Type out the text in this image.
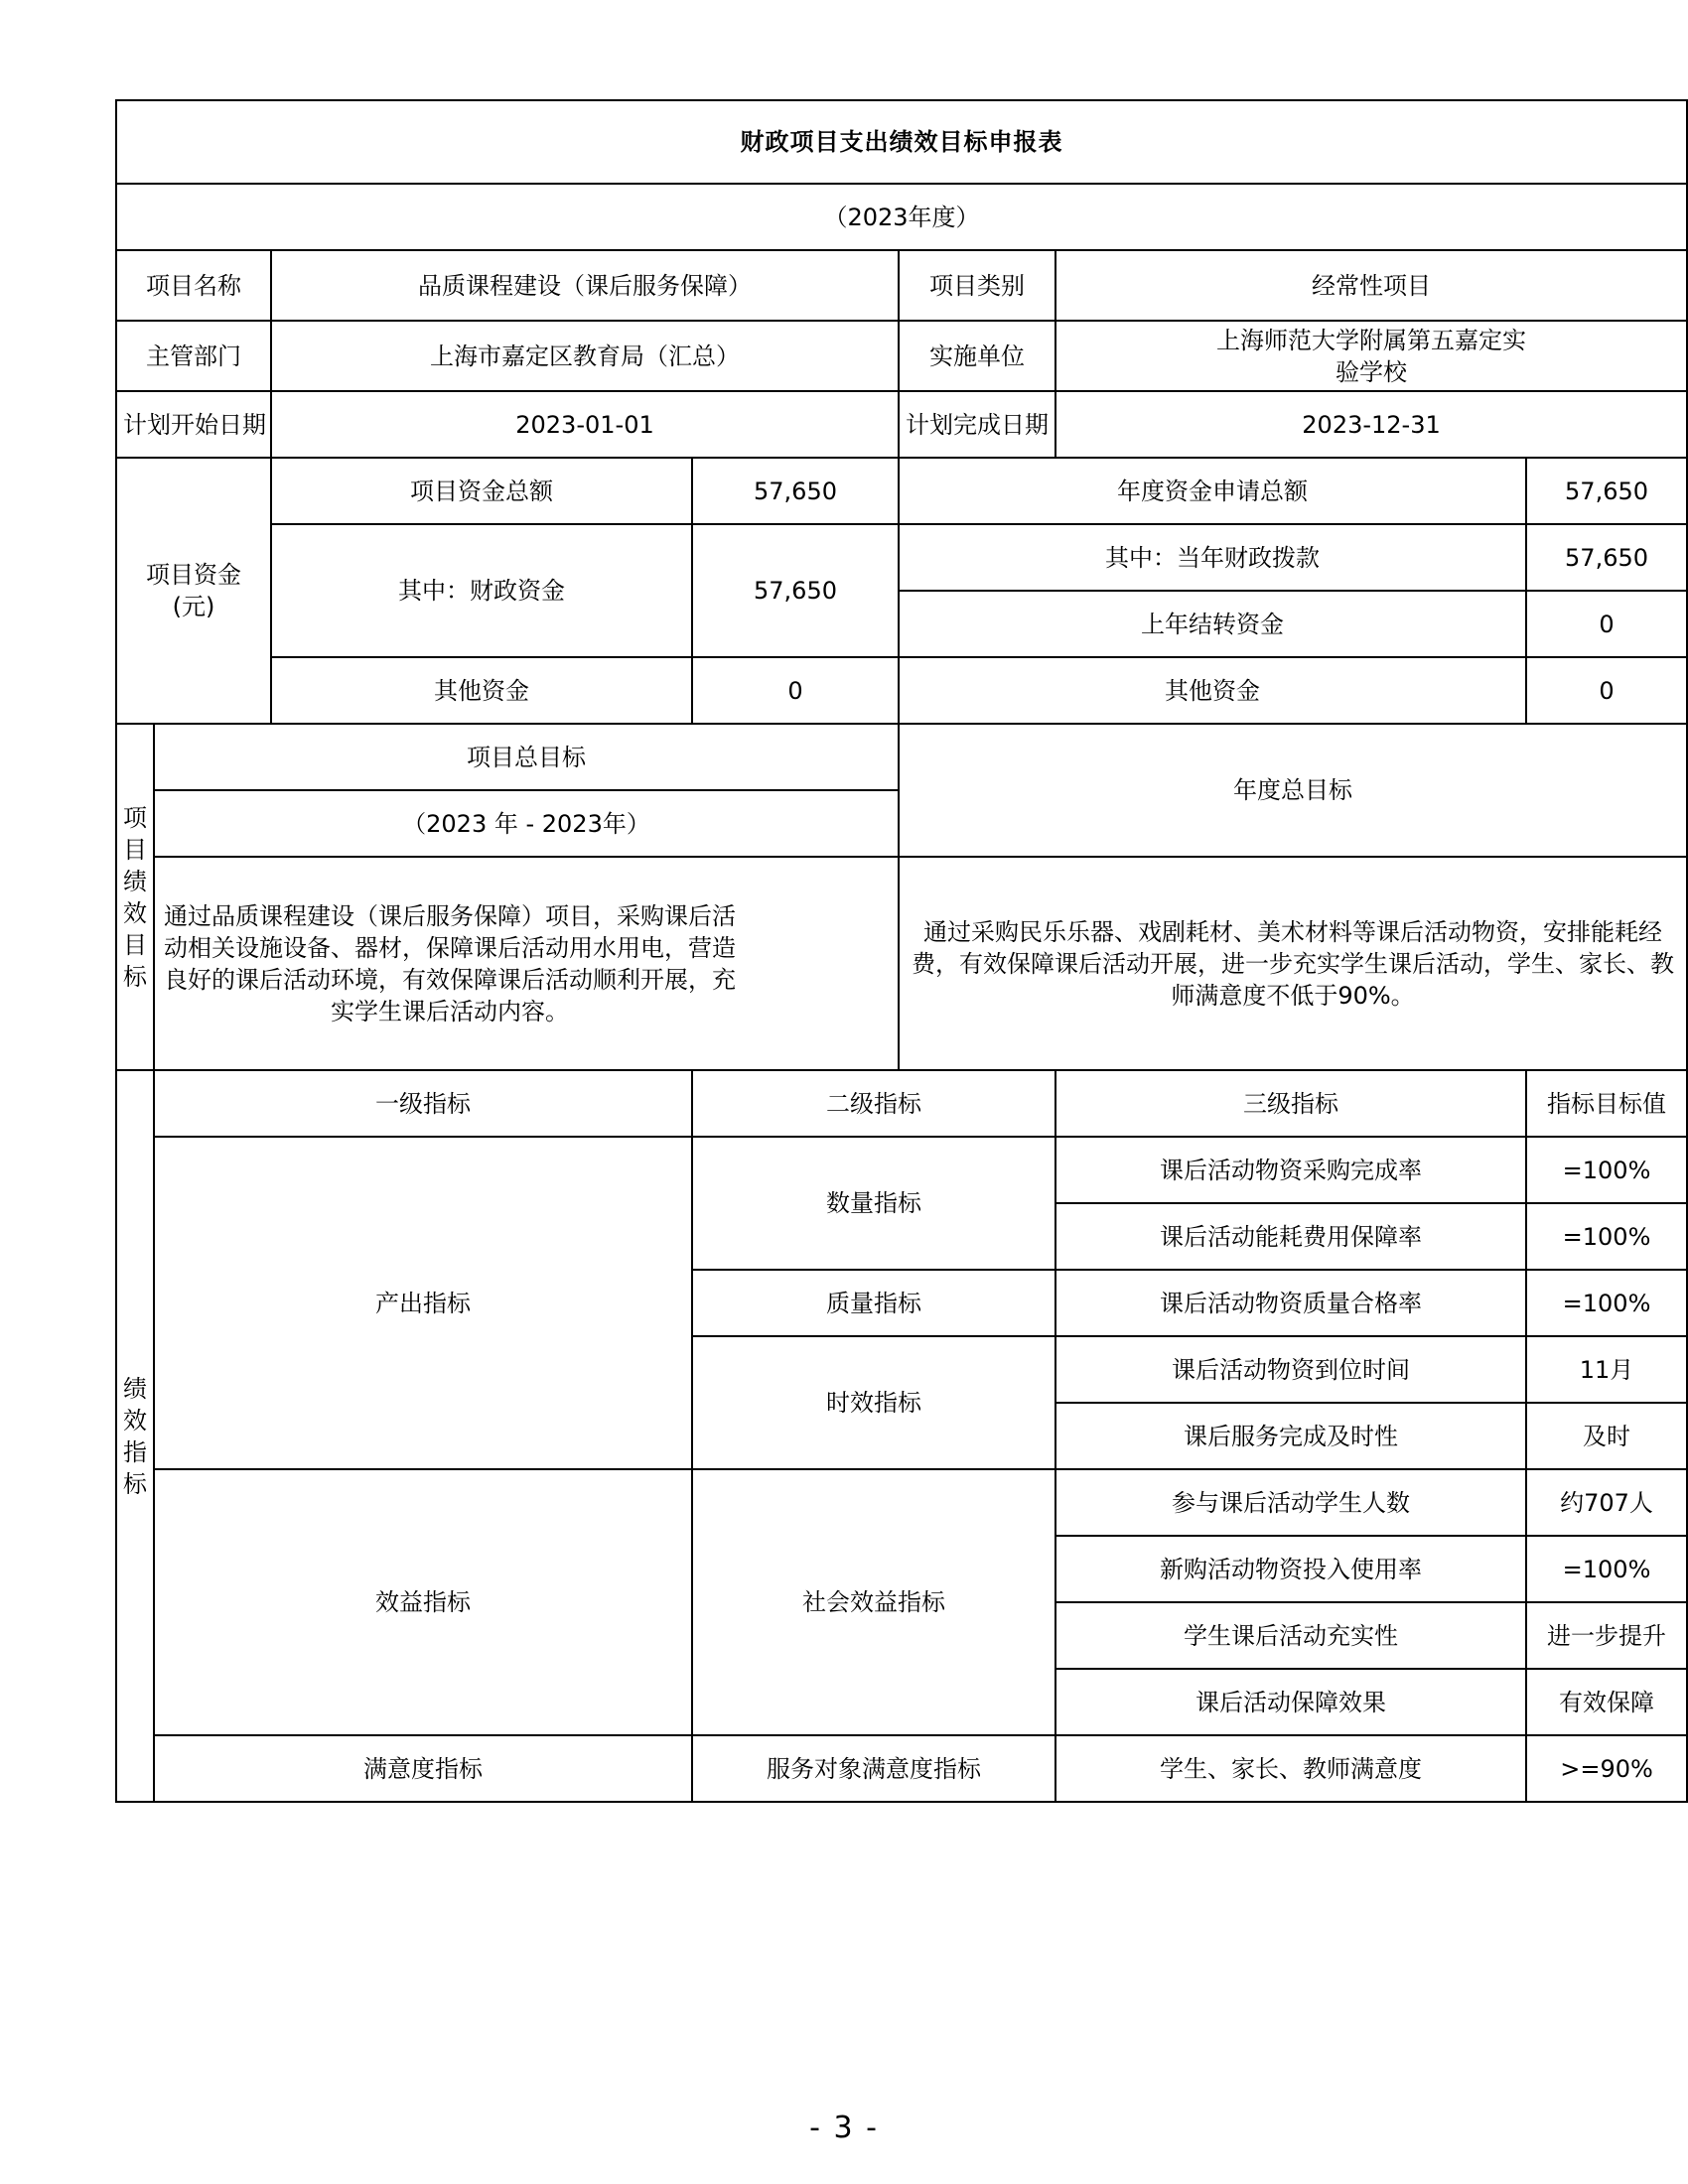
财政项目支出绩效目标申报表						
（2023年度）						
项目名称		品质课程建设（课后服务保障）		项目类别	经常性项目	
主管部门		上海市嘉定区教育局（汇总）		实施单位	上海师范大学附属第五嘉定实验学校	
计划开始日期		2023-01-01		计划完成日期	2023-12-31	
项目资金(元)		项目资金总额	57,650	年度资金申请总额		57,650
		其中：财政资金	57,650	其中：当年财政拨款		57,650
				上年结转资金		0
		其他资金	0	其他资金		0

项目绩效目标	项目总目标			年度总目标		
	（2023 年 - 2023年）					
	通过品质课程建设（课后服务保障）项目，采购课后活动相关设施设备、器材，保障课后活动用水用电，营造良好的课后活动环境，有效保障课后活动顺利开展，充实学生课后活动内容。			通过采购民乐乐器、戏剧耗材、美术材料等课后活动物资，安排能耗经费，有效保障课后活动开展，进一步充实学生课后活动，学生、家长、教师满意度不低于90%。		

绩效指标	一级指标		二级指标		三级指标	指标目标值
	产出指标		数量指标		课后活动物资采购完成率	=100%
					课后活动能耗费用保障率	=100%
			质量指标		课后活动物资质量合格率	=100%
			时效指标		课后活动物资到位时间	11月
					课后服务完成及时性	及时
	效益指标		社会效益指标		参与课后活动学生人数	约707人
					新购活动物资投入使用率	=100%
					学生课后活动充实性	进一步提升
					课后活动保障效果	有效保障
	满意度指标		服务对象满意度指标		学生、家长、教师满意度	>=90%
- 3 -
